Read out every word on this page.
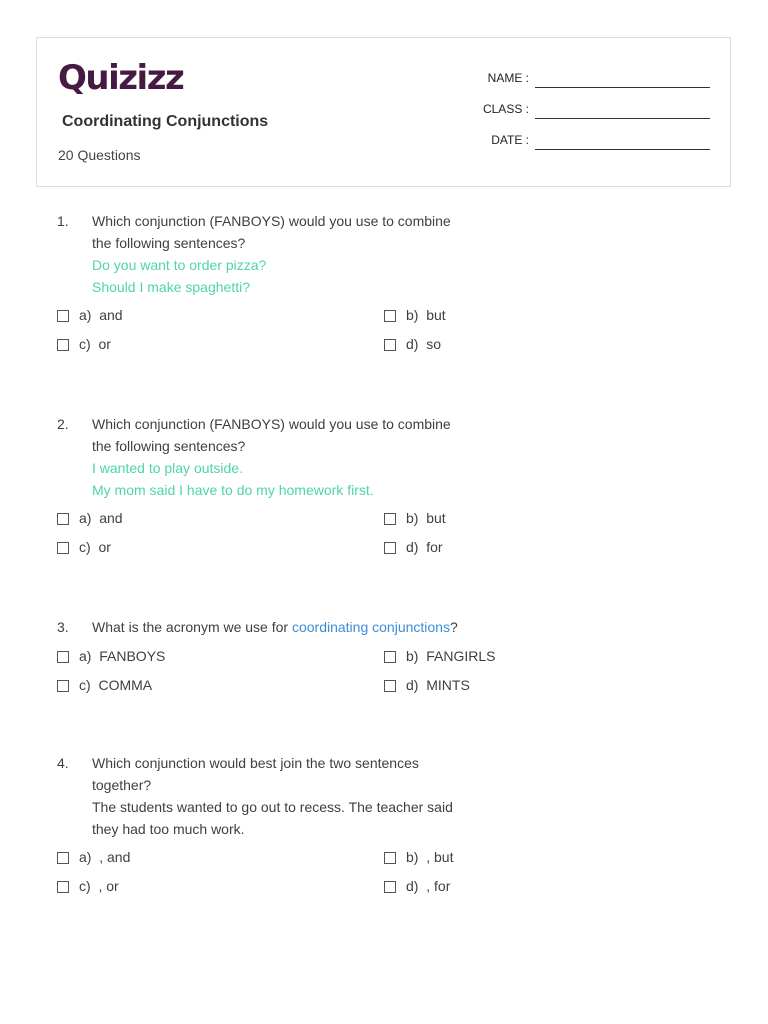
Quizizz
Coordinating Conjunctions
20 Questions
NAME :
CLASS :
DATE :
1. Which conjunction (FANBOYS) would you use to combine
the following sentences?
Do you want to order pizza?
Should I make spaghetti?
a) and	b) but
c) or	d) so
2. Which conjunction (FANBOYS) would you use to combine
the following sentences?
I wanted to play outside.
My mom said I have to do my homework first.
a) and	b) but
c) or	d) for
3. What is the acronym we use for coordinating conjunctions?
a) FANBOYS	b) FANGIRLS
c) COMMA	d) MINTS
4. Which conjunction would best join the two sentences
together?
The students wanted to go out to recess. The teacher said
they had too much work.
a) , and	b) , but
c) , or	d) , for
